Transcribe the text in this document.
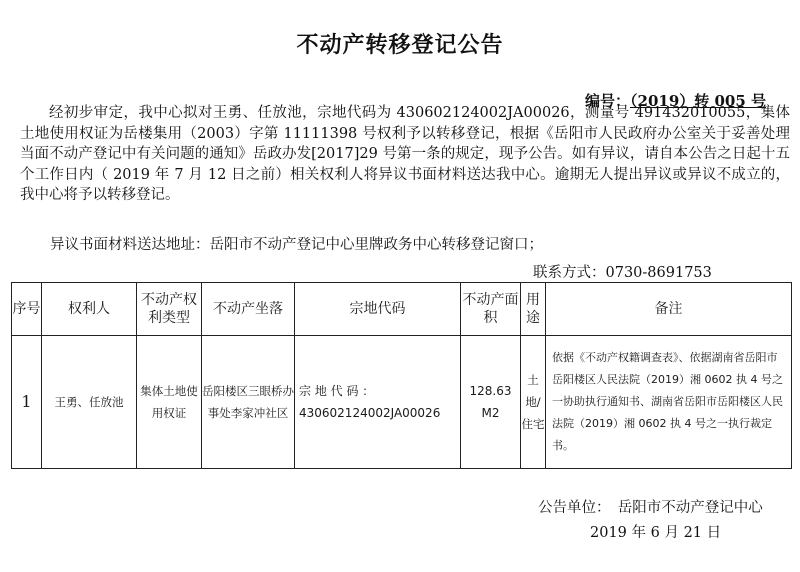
不动产转移登记公告
编号：（2019）转 005 号
经初步审定，我中心拟对王勇、任放池，宗地代码为 430602124002JA00026，测量号 491432010055，集体土地使用权证为岳楼集用（2003）字第 11111398 号权利予以转移登记，根据《岳阳市人民政府办公室关于妥善处理当面不动产登记中有关问题的通知》岳政办发[2017]29 号第一条的规定，现予公告。如有异议，请自本公告之日起十五个工作日内（ 2019 年 7 月 12 日之前）相关权利人将异议书面材料送达我中心。逾期无人提出异议或异议不成立的，我中心将予以转移登记。
异议书面材料送达地址：岳阳市不动产登记中心里牌政务中心转移登记窗口；
联系方式：0730-8691753
序号	权利人	不动产权利类型	不动产坐落	宗地代码	不动产面积	用途	备注
1	王勇、任放池	集体土地使用权证	岳阳楼区三眼桥办事处李家冲社区	宗 地 代 码 ：430602124002JA00026	128.63 M2	土地/住宅	依据《不动产权籍调查表》、依据湖南省岳阳市岳阳楼区人民法院（2019）湘 0602 执 4 号之一协助执行通知书、湖南省岳阳市岳阳楼区人民法院（2019）湘 0602 执 4 号之一执行裁定书。
公告单位：　岳阳市不动产登记中心
2019 年 6 月 21 日
